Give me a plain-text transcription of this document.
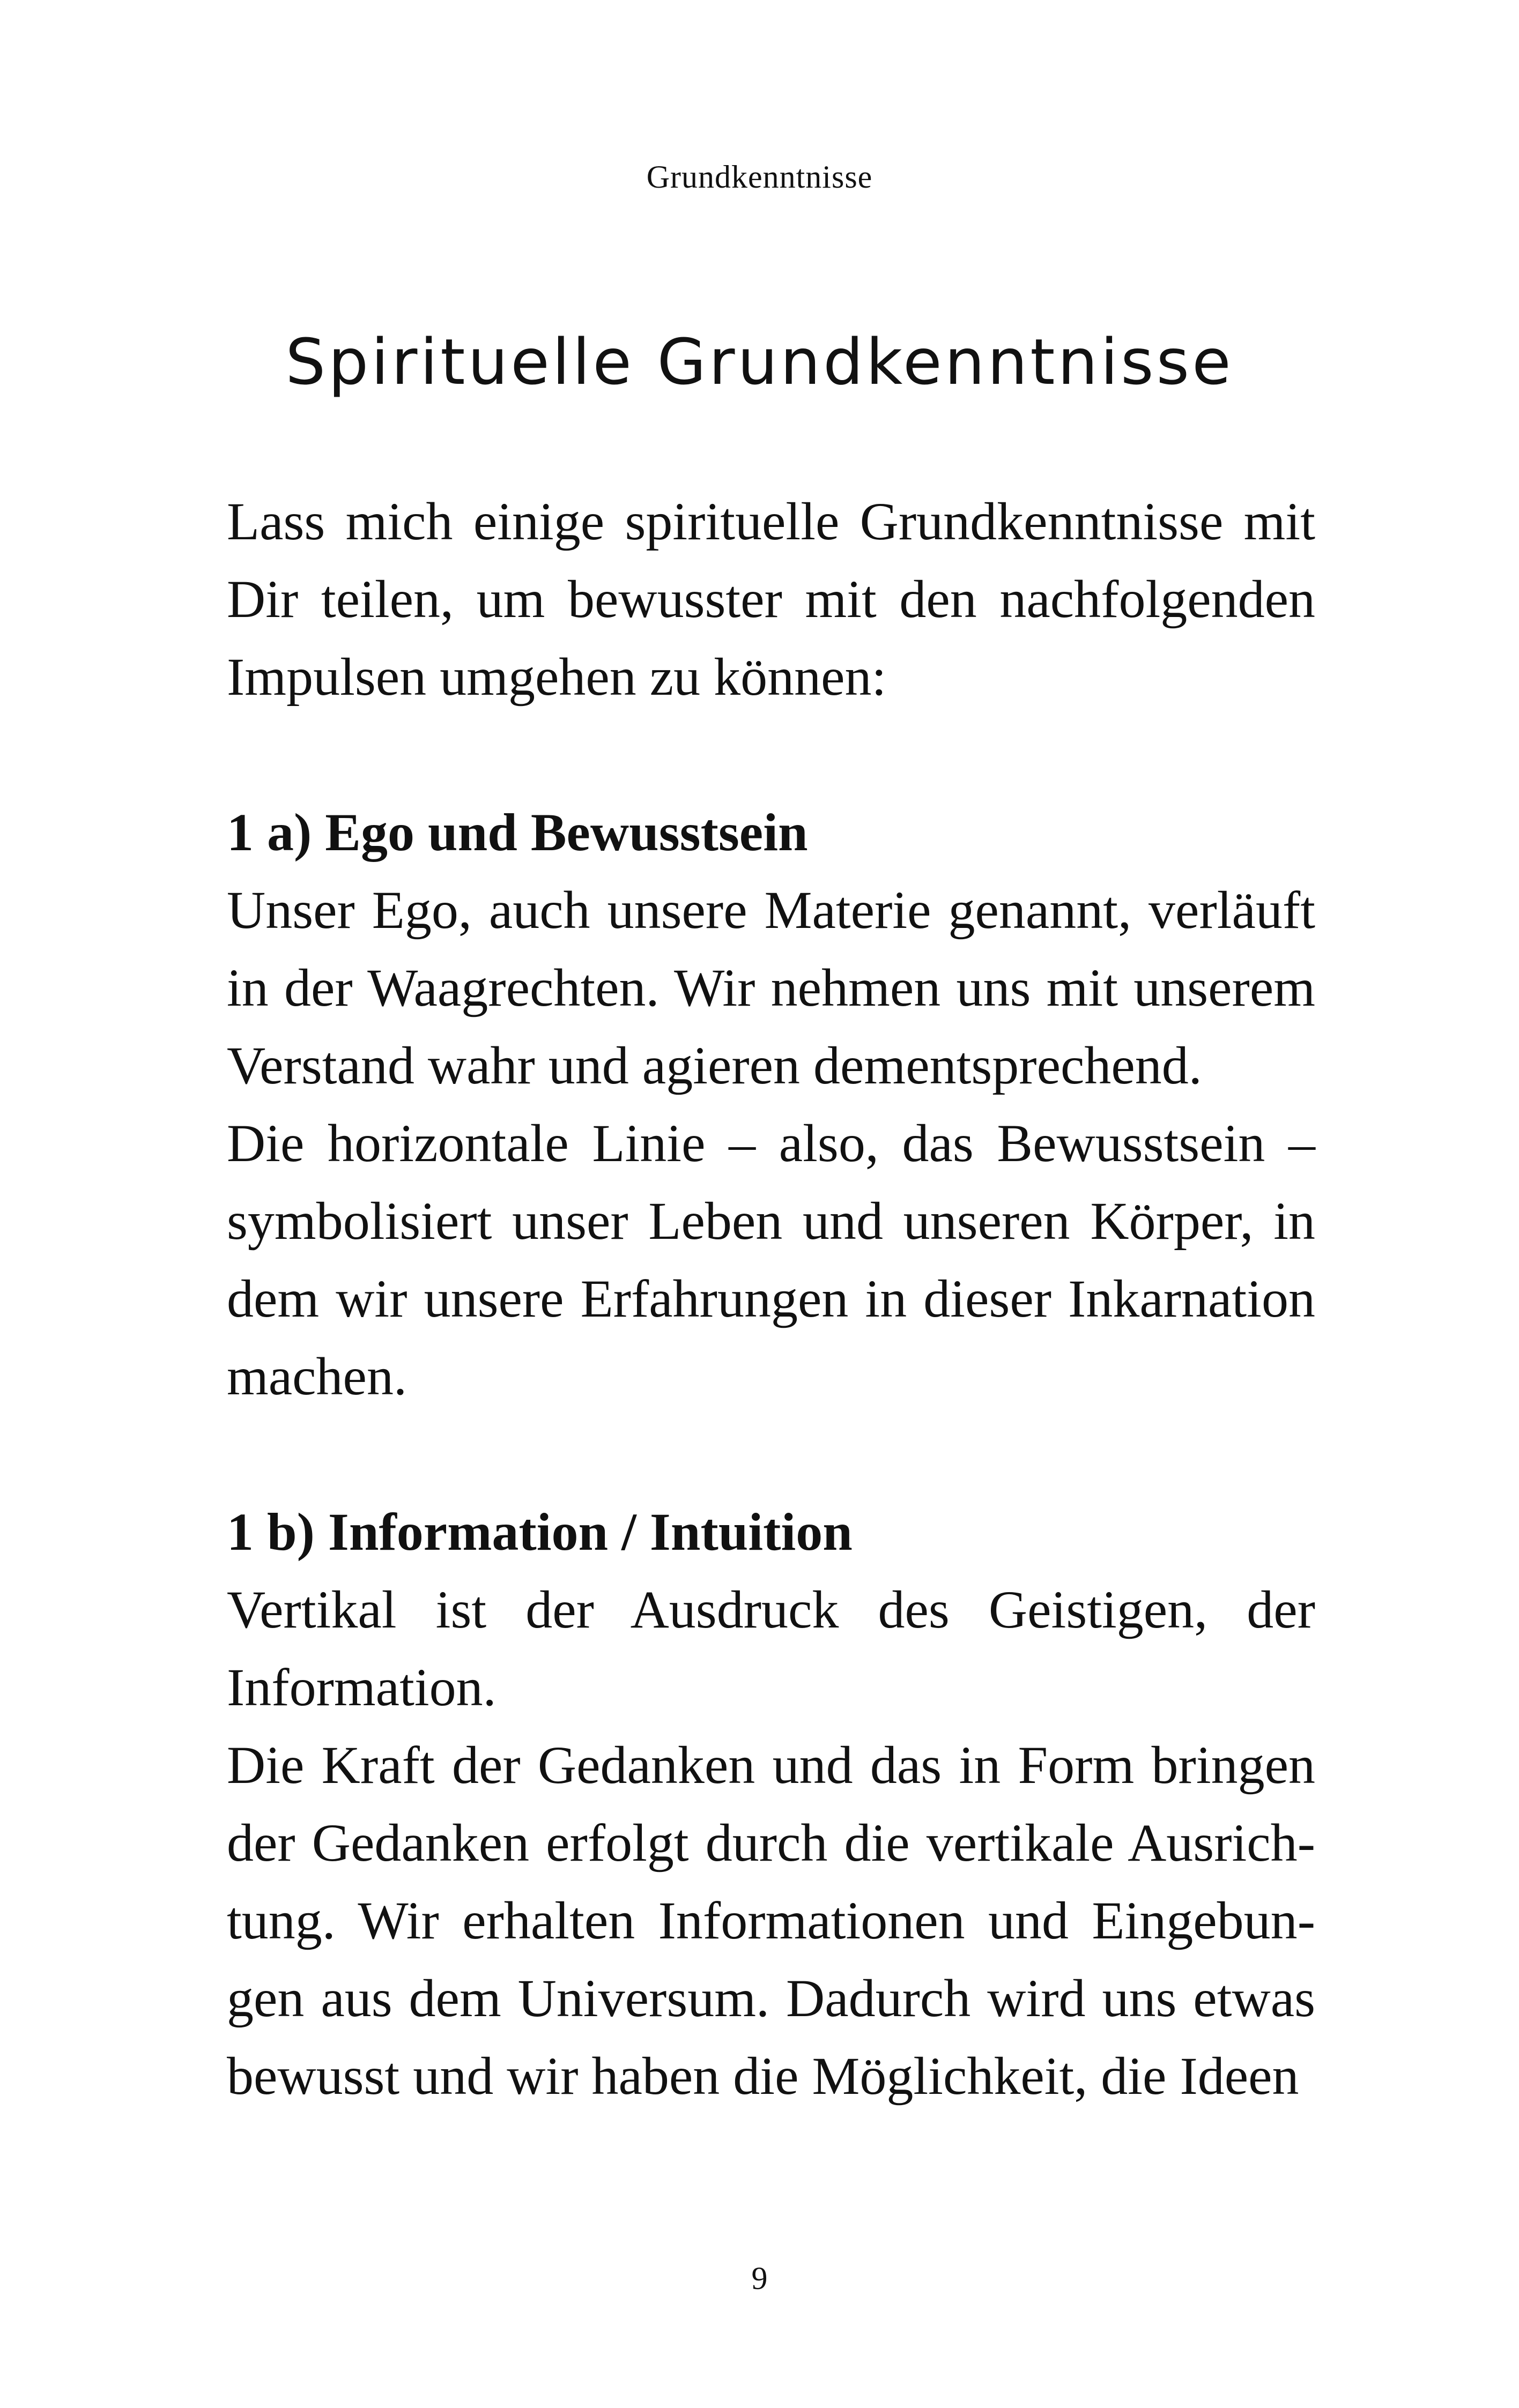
Grundkenntnisse
Spirituelle Grundkenntnisse

Lass mich einige spirituelle Grundkenntnisse mit Dir teilen, um bewusster mit den nachfolgenden Impulsen umgehen zu können:

1 a) Ego und Bewusstsein

Unser Ego, auch unsere Materie genannt, verläuft in der Waagrechten. Wir nehmen uns mit unserem Verstand wahr und agieren dementsprechend.

Die horizontale Linie – also, das Bewusstsein – symbolisiert unser Leben und unseren Körper, in dem wir unsere Erfahrungen in dieser Inkarnation machen.

1 b) Information / Intuition

Vertikal ist der Ausdruck des Geistigen, der Information.

Die Kraft der Gedanken und das in Form bringen der Gedanken erfolgt durch die vertikale Ausrichtung. Wir erhalten Informationen und Eingebungen aus dem Universum. Dadurch wird uns etwas bewusst und wir haben die Möglichkeit, die Ideen

9
